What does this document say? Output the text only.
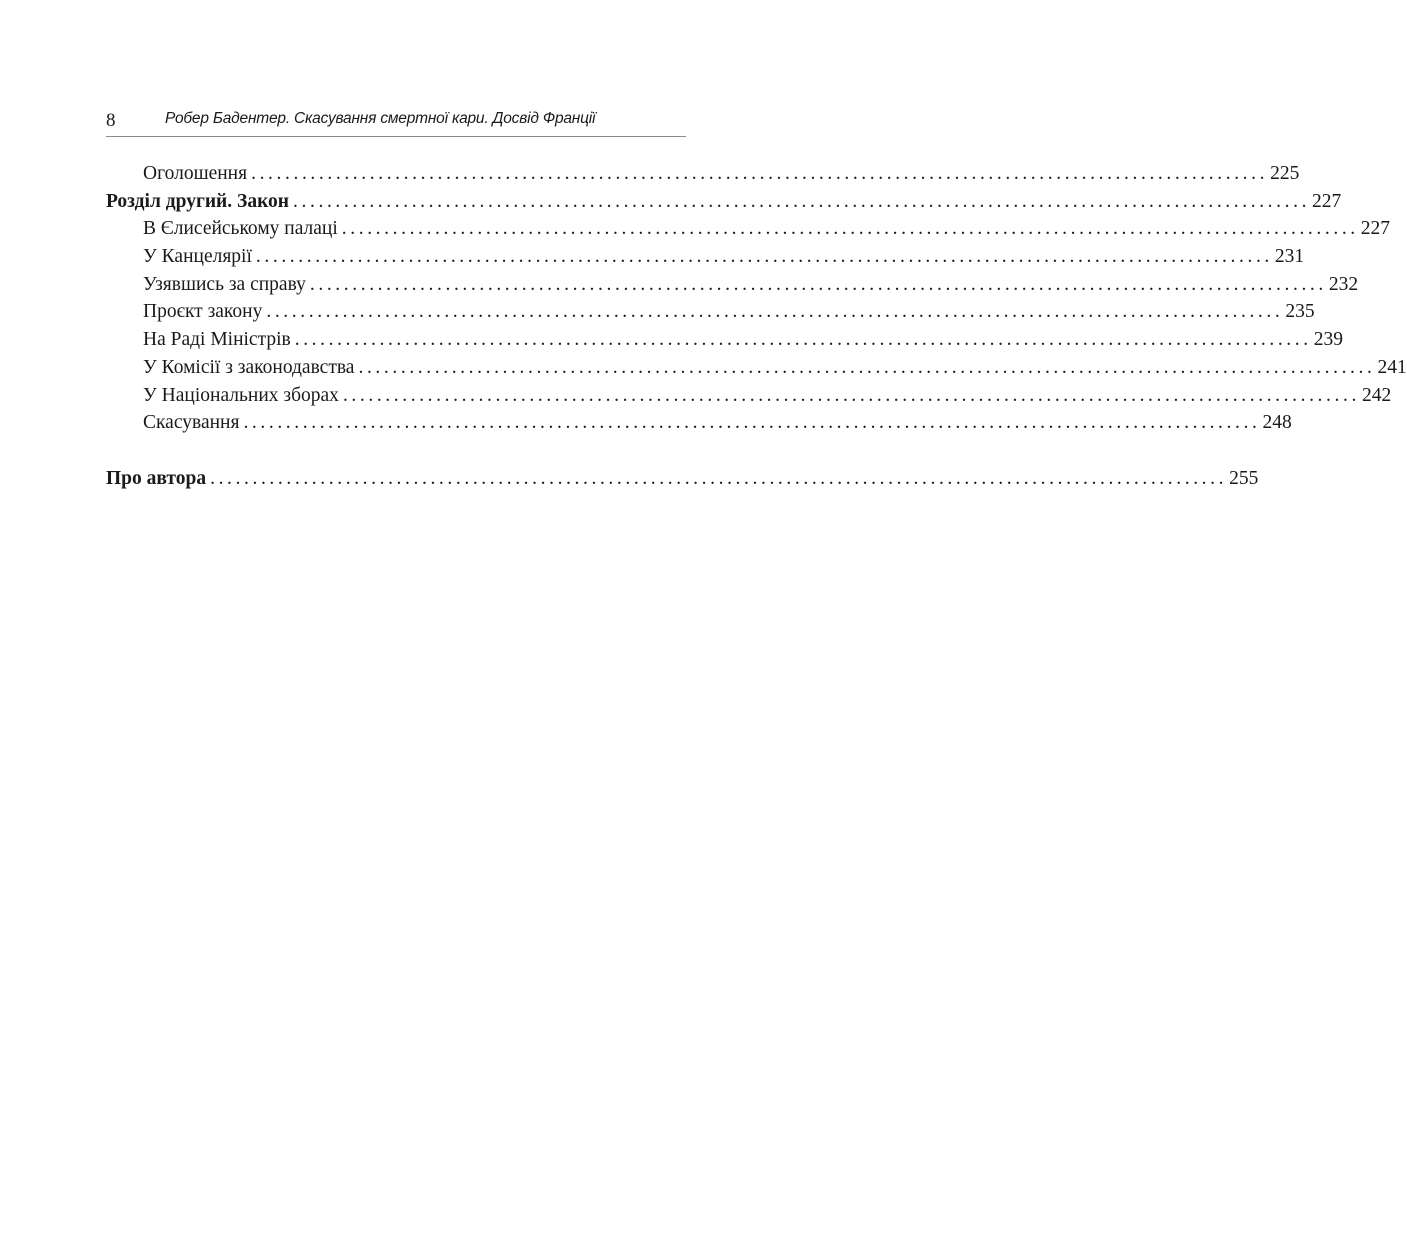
8	Робер Бадентер. Скасування смертної кари. Досвід Франції
Оголошення ........................................................................................................................ 225
Розділ другий. Закон ........................................................................................................................ 227
В Єлисейському палаці ........................................................................................................................ 227
У Канцелярії ........................................................................................................................ 231
Узявшись за справу ........................................................................................................................ 232
Проєкт закону ........................................................................................................................ 235
На Раді Міністрів ........................................................................................................................ 239
У Комісії з законодавства ........................................................................................................................ 241
У Національних зборах ........................................................................................................................ 242
Скасування ........................................................................................................................ 248
Про автора ........................................................................................................................ 255
